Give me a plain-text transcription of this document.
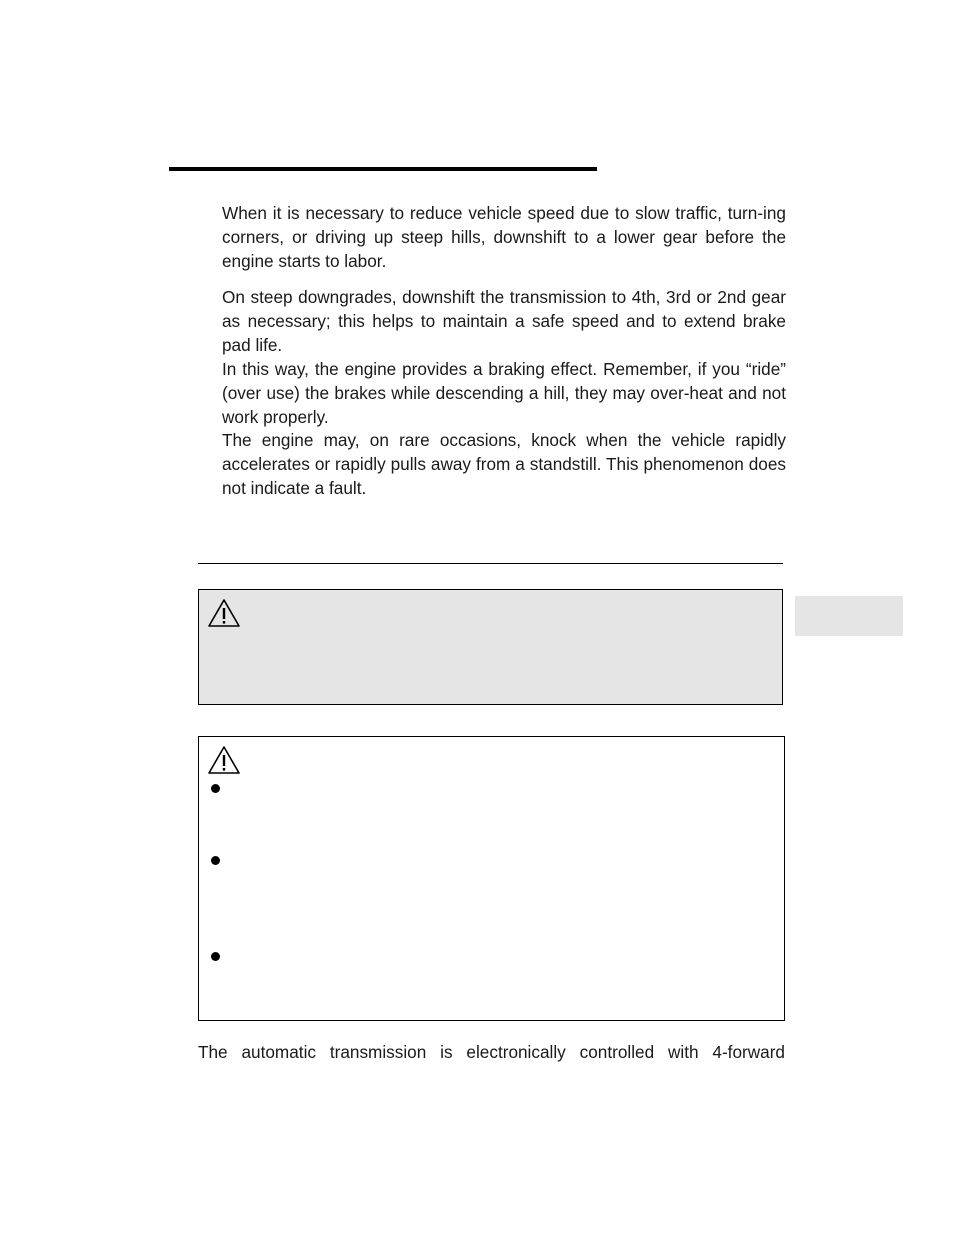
When it is necessary to reduce vehicle speed due to slow traffic, turn-ing corners, or driving up steep hills, downshift to a lower gear before the engine starts to labor.

On steep downgrades, downshift the transmission to 4th, 3rd or 2nd gear as necessary; this helps to maintain a safe speed and to extend brake pad life.

In this way, the engine provides a braking effect. Remember, if you “ride” (over use) the brakes while descending a hill, they may over-heat and not work properly.

The engine may, on rare occasions, knock when the vehicle rapidly accelerates or rapidly pulls away from a standstill. This phenomenon does not indicate a fault.

The automatic transmission is electronically controlled with 4-forward
